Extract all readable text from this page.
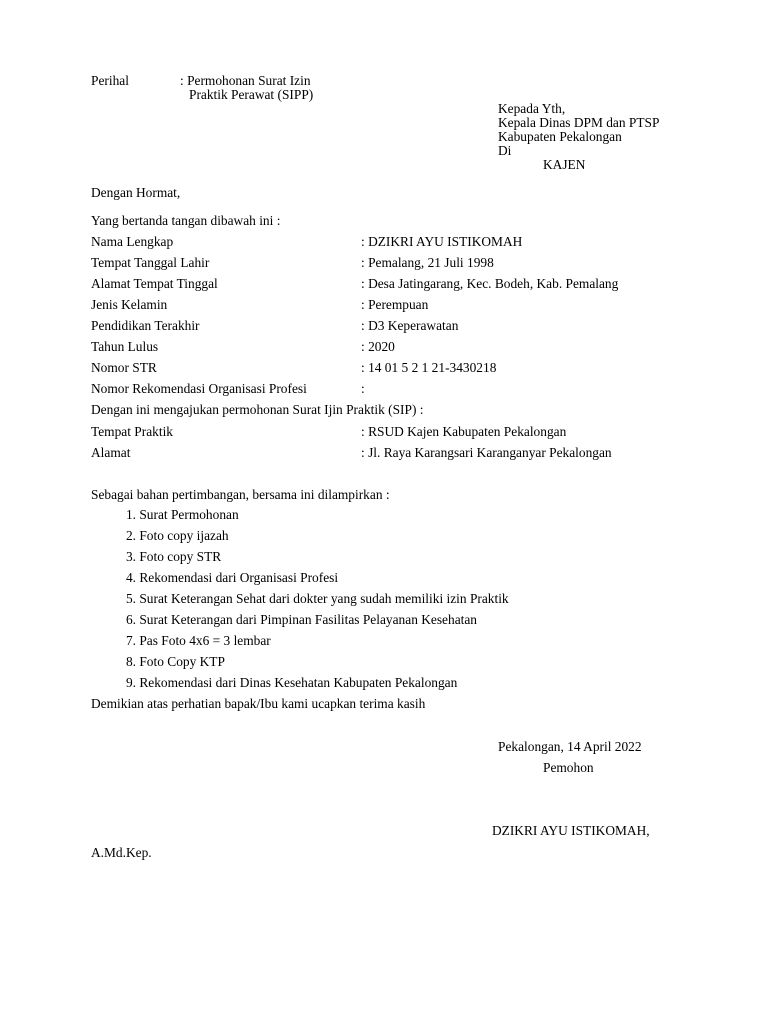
Perihal	: Permohonan Surat Izin
Praktik Perawat (SIPP)
Kepada Yth,
Kepala Dinas DPM dan PTSP
Kabupaten Pekalongan
Di
KAJEN
Dengan Hormat,
Yang bertanda tangan dibawah ini :
Nama Lengkap	: DZIKRI AYU ISTIKOMAH
Tempat Tanggal Lahir	: Pemalang, 21 Juli 1998
Alamat Tempat Tinggal	: Desa Jatingarang, Kec. Bodeh, Kab. Pemalang
Jenis Kelamin	: Perempuan
Pendidikan Terakhir	: D3 Keperawatan
Tahun Lulus	: 2020
Nomor STR	: 14 01 5 2 1 21-3430218
Nomor Rekomendasi Organisasi Profesi	:
Dengan ini mengajukan permohonan Surat Ijin Praktik (SIP) :
Tempat Praktik	: RSUD Kajen Kabupaten Pekalongan
Alamat	: Jl. Raya Karangsari Karanganyar Pekalongan
Sebagai bahan pertimbangan, bersama ini dilampirkan :
1. Surat Permohonan
2. Foto copy ijazah
3. Foto copy STR
4. Rekomendasi dari Organisasi Profesi
5. Surat Keterangan Sehat dari dokter yang sudah memiliki izin Praktik
6. Surat Keterangan dari Pimpinan Fasilitas Pelayanan Kesehatan
7. Pas Foto 4x6 = 3 lembar
8. Foto Copy KTP
9. Rekomendasi dari Dinas Kesehatan Kabupaten Pekalongan
Demikian atas perhatian bapak/Ibu kami ucapkan terima kasih
Pekalongan, 14 April 2022
Pemohon
DZIKRI AYU ISTIKOMAH,
A.Md.Kep.
